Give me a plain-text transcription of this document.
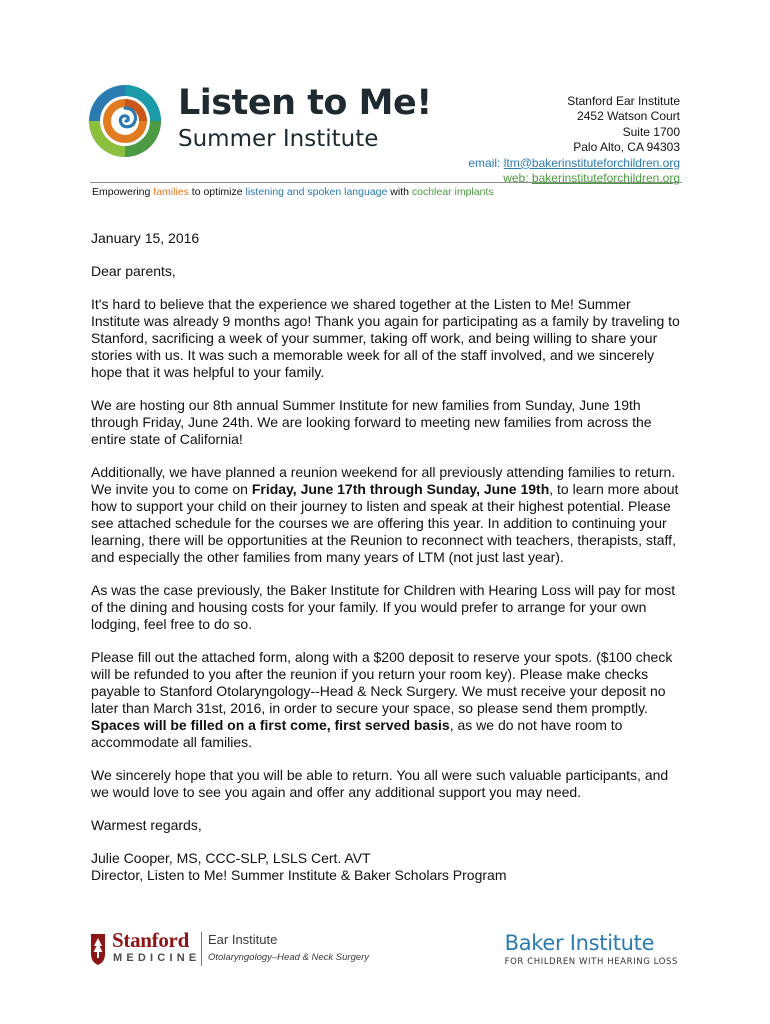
Listen to Me!
Summer Institute
Stanford Ear Institute
2452 Watson Court
Suite 1700
Palo Alto, CA 94303
email: ltm@bakerinstituteforchildren.org
web: bakerinstituteforchildren.org
Empowering families to optimize listening and spoken language with cochlear implants

January 15, 2016

Dear parents,

It's hard to believe that the experience we shared together at the Listen to Me! Summer Institute was already 9 months ago! Thank you again for participating as a family by traveling to Stanford, sacrificing a week of your summer, taking off work, and being willing to share your stories with us. It was such a memorable week for all of the staff involved, and we sincerely hope that it was helpful to your family.

We are hosting our 8th annual Summer Institute for new families from Sunday, June 19th through Friday, June 24th. We are looking forward to meeting new families from across the entire state of California!

Additionally, we have planned a reunion weekend for all previously attending families to return. We invite you to come on Friday, June 17th through Sunday, June 19th, to learn more about how to support your child on their journey to listen and speak at their highest potential. Please see attached schedule for the courses we are offering this year. In addition to continuing your learning, there will be opportunities at the Reunion to reconnect with teachers, therapists, staff, and especially the other families from many years of LTM (not just last year).

As was the case previously, the Baker Institute for Children with Hearing Loss will pay for most of the dining and housing costs for your family. If you would prefer to arrange for your own lodging, feel free to do so.

Please fill out the attached form, along with a $200 deposit to reserve your spots. ($100 check will be refunded to you after the reunion if you return your room key). Please make checks payable to Stanford Otolaryngology--Head & Neck Surgery. We must receive your deposit no later than March 31st, 2016, in order to secure your space, so please send them promptly. Spaces will be filled on a first come, first served basis, as we do not have room to accommodate all families.

We sincerely hope that you will be able to return. You all were such valuable participants, and we would love to see you again and offer any additional support you may need.

Warmest regards,

Julie Cooper, MS, CCC-SLP, LSLS Cert. AVT

Director, Listen to Me! Summer Institute & Baker Scholars Program

Stanford
MEDICINE
Ear Institute
Otolaryngology–Head & Neck Surgery
Baker Institute
FOR CHILDREN WITH HEARING LOSS
